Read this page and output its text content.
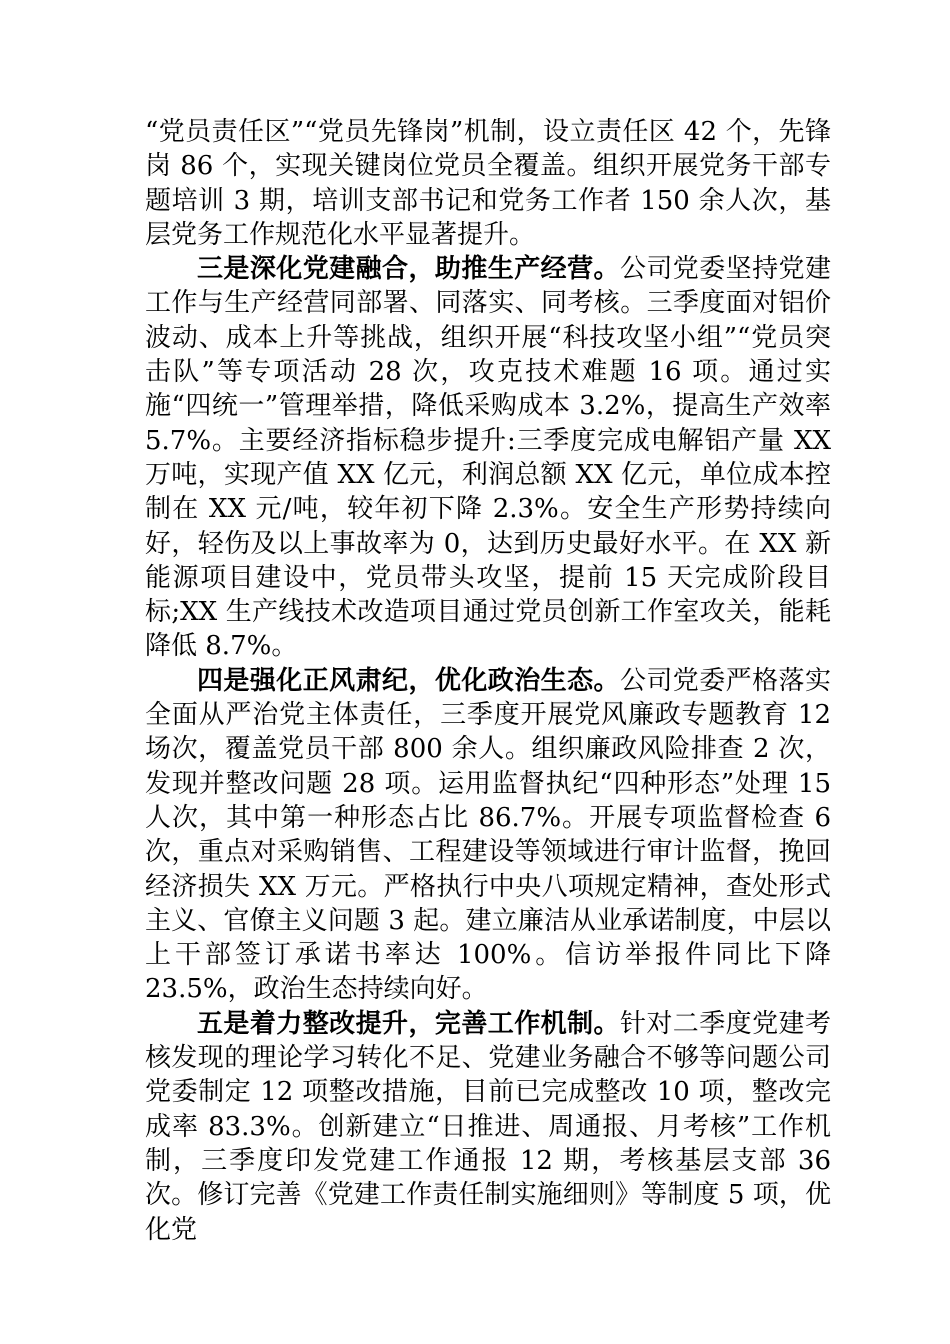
“党员责任区”“党员先锋岗”机制，设立责任区 42 个，先锋岗 86 个，实现关键岗位党员全覆盖。组织开展党务干部专题培训 3 期，培训支部书记和党务工作者 150 余人次，基层党务工作规范化水平显著提升。

三是深化党建融合，助推生产经营。公司党委坚持党建工作与生产经营同部署、同落实、同考核。三季度面对铝价波动、成本上升等挑战，组织开展“科技攻坚小组”“党员突击队”等专项活动 28 次，攻克技术难题 16 项。通过实施“四统一”管理举措，降低采购成本 3.2%，提高生产效率 5.7%。主要经济指标稳步提升:三季度完成电解铝产量 XX 万吨，实现产值 XX 亿元，利润总额 XX 亿元，单位成本控制在 XX 元/吨，较年初下降 2.3%。安全生产形势持续向好，轻伤及以上事故率为 0，达到历史最好水平。在 XX 新能源项目建设中，党员带头攻坚，提前 15 天完成阶段目标;XX 生产线技术改造项目通过党员创新工作室攻关，能耗降低 8.7%。

四是强化正风肃纪，优化政治生态。公司党委严格落实全面从严治党主体责任，三季度开展党风廉政专题教育 12 场次，覆盖党员干部 800 余人。组织廉政风险排查 2 次，发现并整改问题 28 项。运用监督执纪“四种形态”处理 15 人次，其中第一种形态占比 86.7%。开展专项监督检查 6 次，重点对采购销售、工程建设等领域进行审计监督，挽回经济损失 XX 万元。严格执行中央八项规定精神，查处形式主义、官僚主义问题 3 起。建立廉洁从业承诺制度，中层以上干部签订承诺书率达 100%。信访举报件同比下降 23.5%，政治生态持续向好。

五是着力整改提升，完善工作机制。针对二季度党建考核发现的理论学习转化不足、党建业务融合不够等问题公司党委制定 12 项整改措施，目前已完成整改 10 项，整改完成率 83.3%。创新建立“日推进、周通报、月考核”工作机制，三季度印发党建工作通报 12 期，考核基层支部 36 次。修订完善《党建工作责任制实施细则》等制度 5 项，优化党
